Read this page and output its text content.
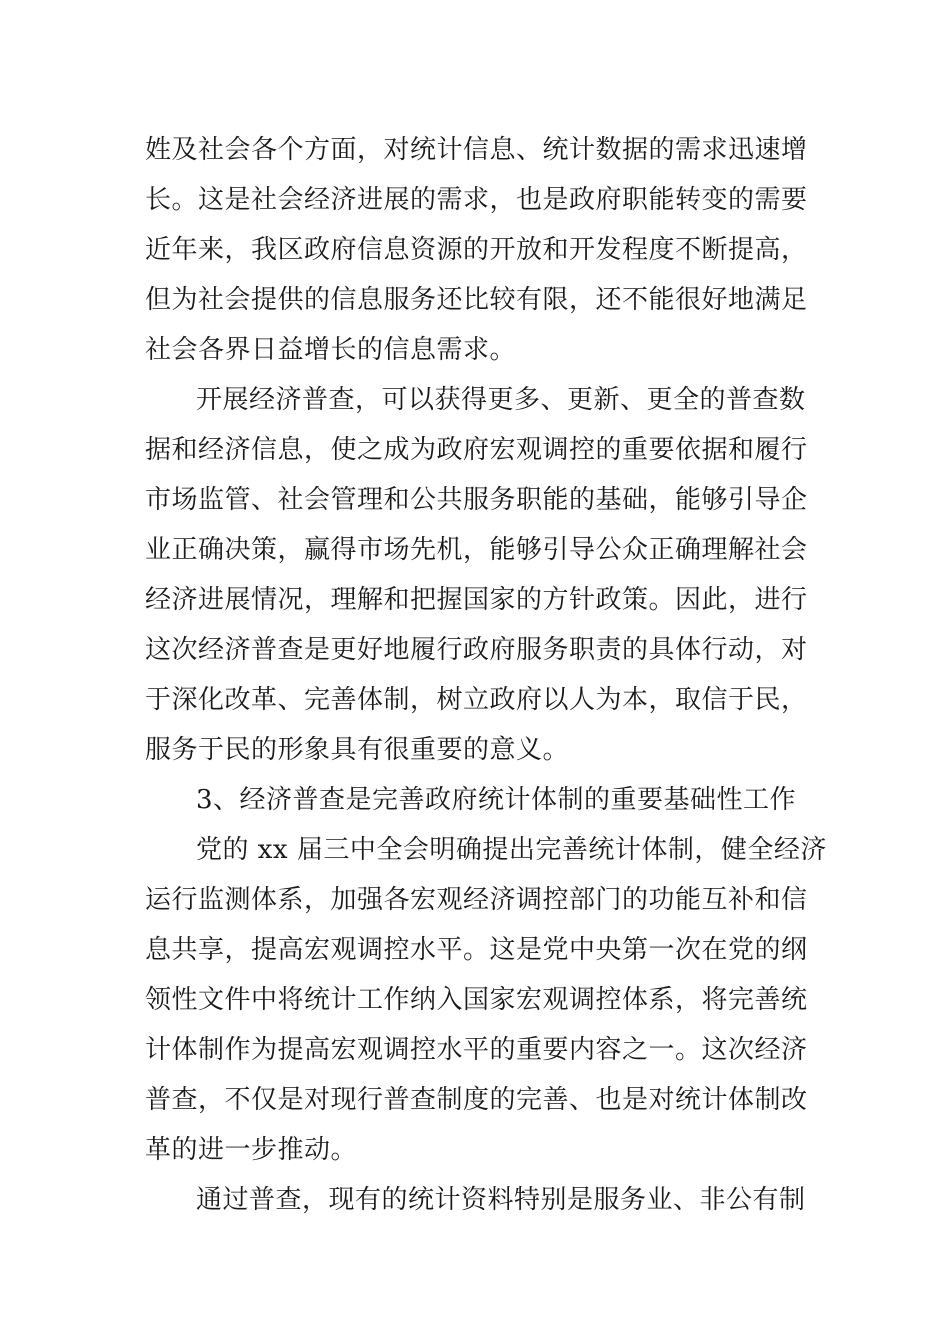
姓及社会各个方面，对统计信息、统计数据的需求迅速增
长。这是社会经济进展的需求，也是政府职能转变的需要
近年来，我区政府信息资源的开放和开发程度不断提高，
但为社会提供的信息服务还比较有限，还不能很好地满足
社会各界日益增长的信息需求。
开展经济普查，可以获得更多、更新、更全的普查数
据和经济信息，使之成为政府宏观调控的重要依据和履行
市场监管、社会管理和公共服务职能的基础，能够引导企
业正确决策，赢得市场先机，能够引导公众正确理解社会
经济进展情况，理解和把握国家的方针政策。因此，进行
这次经济普查是更好地履行政府服务职责的具体行动，对
于深化改革、完善体制，树立政府以人为本，取信于民，
服务于民的形象具有很重要的意义。
3、经济普查是完善政府统计体制的重要基础性工作
党的 xx 届三中全会明确提出完善统计体制，健全经济
运行监测体系，加强各宏观经济调控部门的功能互补和信
息共享，提高宏观调控水平。这是党中央第一次在党的纲
领性文件中将统计工作纳入国家宏观调控体系，将完善统
计体制作为提高宏观调控水平的重要内容之一。这次经济
普查，不仅是对现行普查制度的完善、也是对统计体制改
革的进一步推动。
通过普查，现有的统计资料特别是服务业、非公有制
